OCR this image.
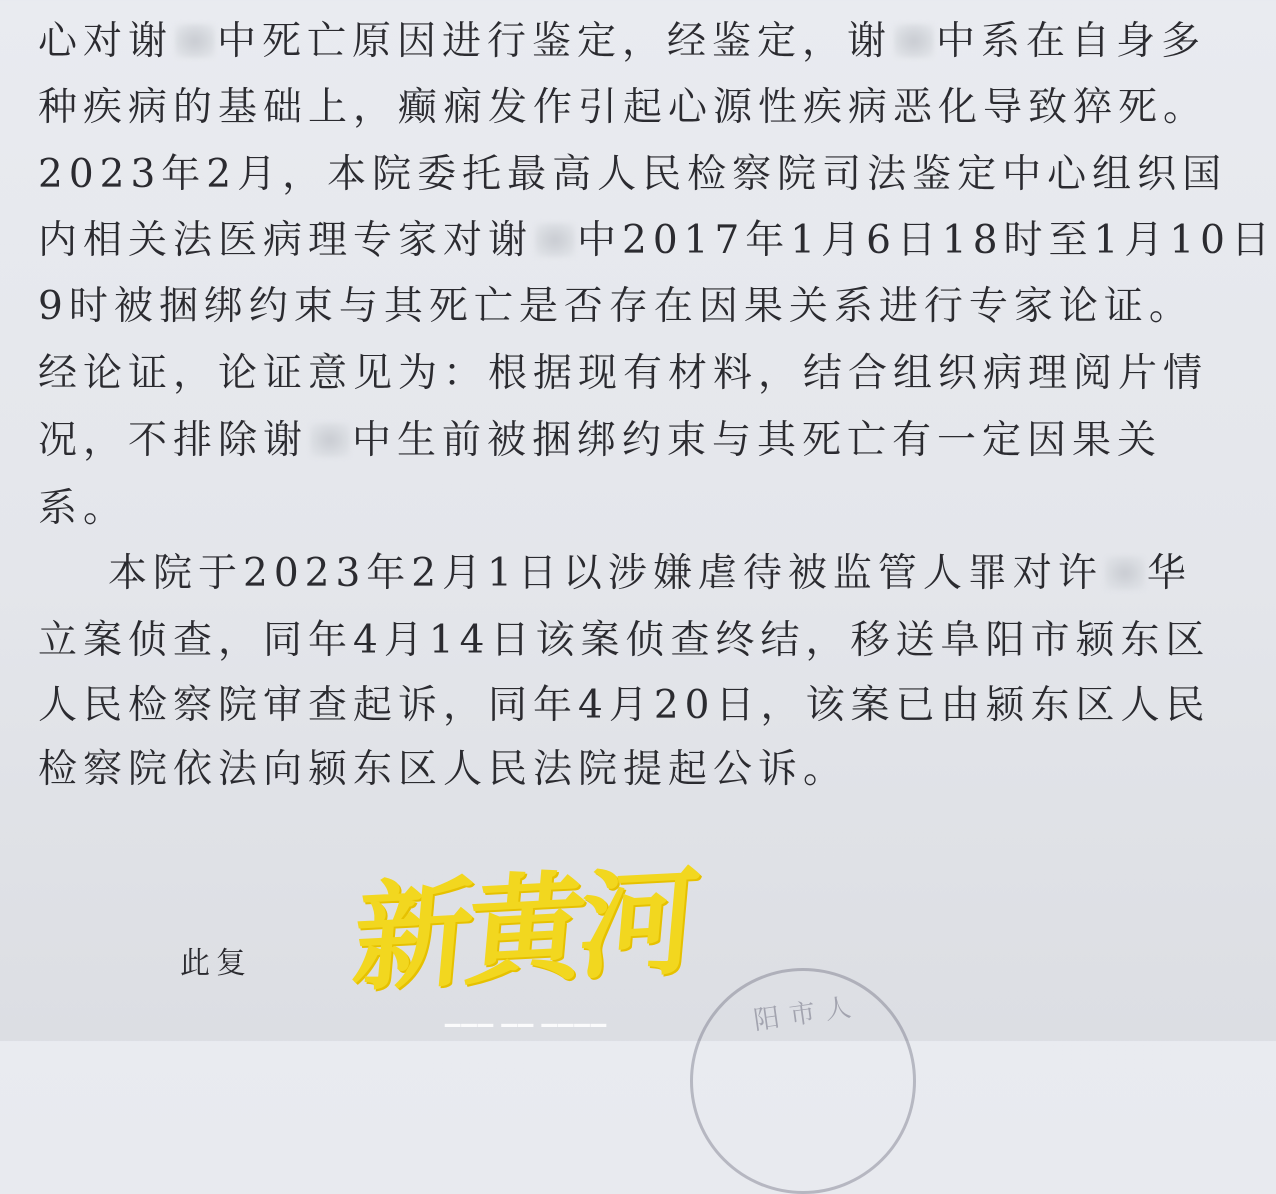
心对谢 中死亡原因进行鉴定，经鉴定，谢 中系在自身多
种疾病的基础上，癫痫发作引起心源性疾病恶化导致猝死。
2023年2月，本院委托最高人民检察院司法鉴定中心组织国
内相关法医病理专家对谢 中2017年1月6日18时至1月10日
9时被捆绑约束与其死亡是否存在因果关系进行专家论证。
经论证，论证意见为：根据现有材料，结合组织病理阅片情
况，不排除谢 中生前被捆绑约束与其死亡有一定因果关
系。
本院于2023年2月1日以涉嫌虐待被监管人罪对许 华
立案侦查，同年4月14日该案侦查终结，移送阜阳市颍东区
人民检察院审查起诉，同年4月20日，该案已由颍东区人民
检察院依法向颍东区人民法院提起公诉。
此复 新黄河
▁▁▁ ▁▁ ▁▁▁▁	阳市人
